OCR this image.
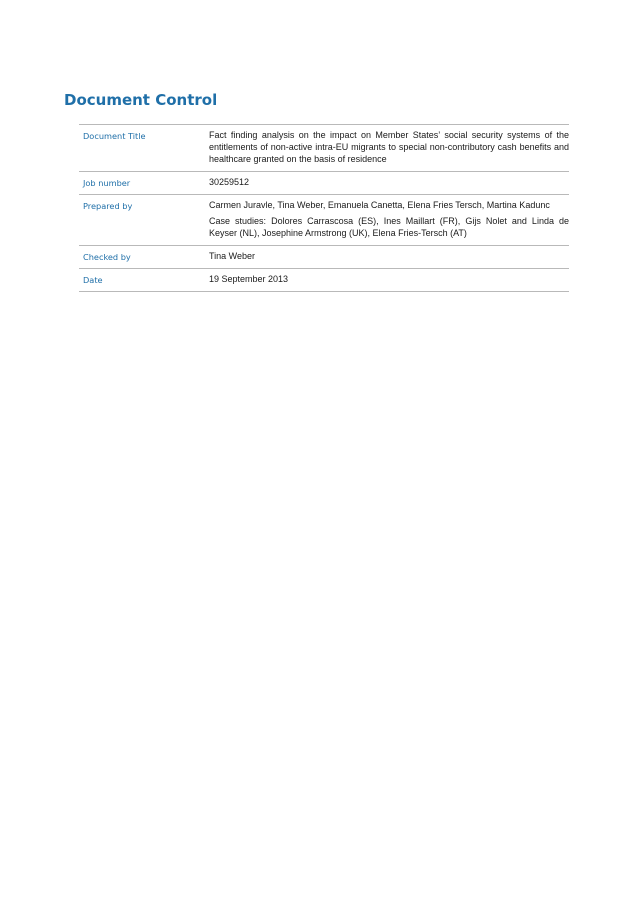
Document Control
Document Title	Fact finding analysis on the impact on Member States’ social security systems of the entitlements of non-active intra-EU migrants to special non-contributory cash benefits and healthcare granted on the basis of residence

Job number	30259512

Prepared by	Carmen Juravle, Tina Weber, Emanuela Canetta, Elena Fries Tersch, Martina Kadunc

Case studies: Dolores Carrascosa (ES), Ines Maillart (FR), Gijs Nolet and Linda de Keyser (NL), Josephine Armstrong (UK), Elena Fries-Tersch (AT)

Checked by	Tina Weber

Date	19 September 2013
